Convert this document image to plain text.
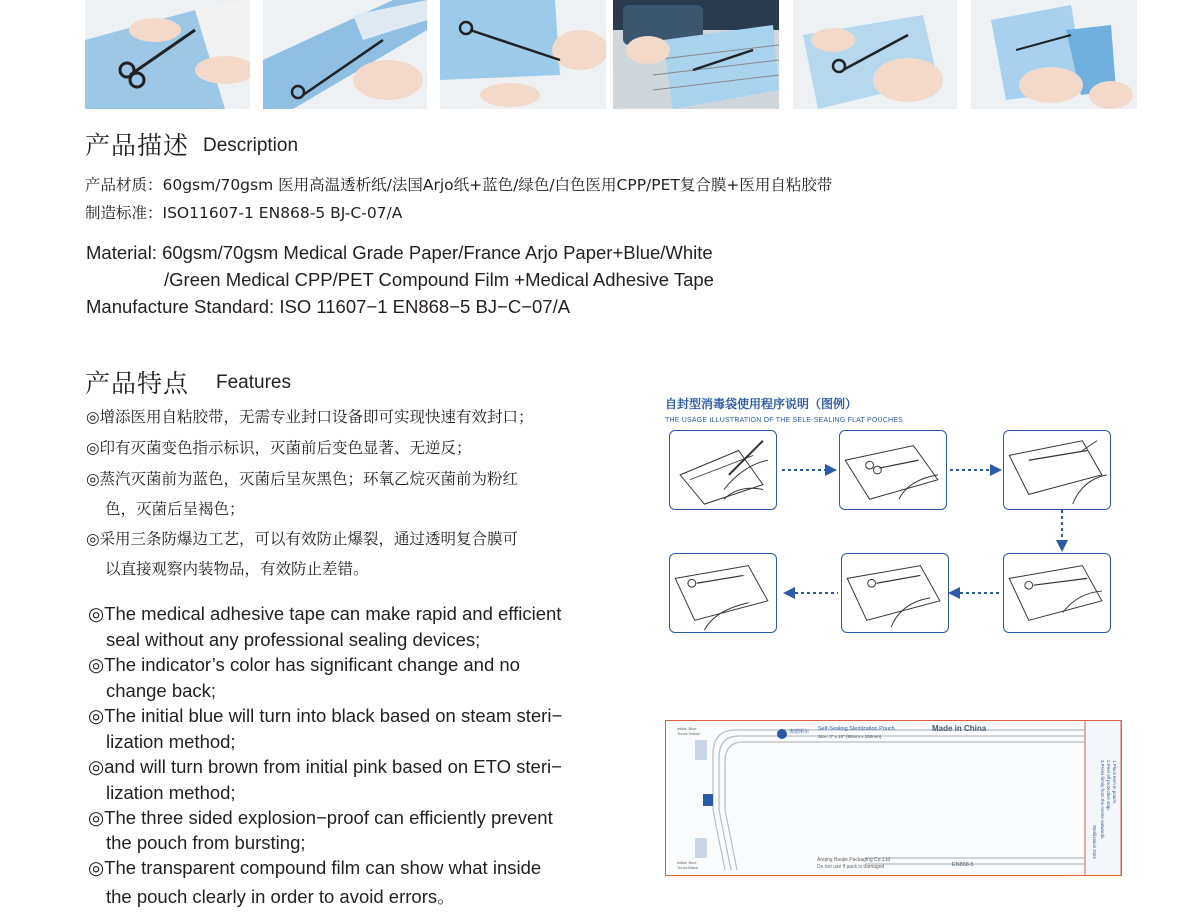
产品描述 Description
产品材质：60gsm/70gsm 医用高温透析纸/法国Arjo纸+蓝色/绿色/白色医用CPP/PET复合膜+医用自粘胶带
制造标准：ISO11607-1 EN868-5 BJ-C-07/A
Material: 60gsm/70gsm Medical Grade Paper/France Arjo Paper+Blue/White
/Green Medical CPP/PET Compound Film +Medical Adhesive Tape
Manufacture Standard: ISO 11607−1 EN868−5 BJ−C−07/A
产品特点 Features
◎增添医用自粘胶带，无需专业封口设备即可实现快速有效封口；
◎印有灭菌变色指示标识，灭菌前后变色显著、无逆反；
◎蒸汽灭菌前为蓝色，灭菌后呈灰黑色；环氧乙烷灭菌前为粉红
色，灭菌后呈褐色；
◎采用三条防爆边工艺，可以有效防止爆裂，通过透明复合膜可
以直接观察内装物品，有效防止差错。
◎The medical adhesive tape can make rapid and efficient
seal without any professional sealing devices;
◎The indicator’s color has significant change and no
change back;
◎The initial blue will turn into black based on steam steri−
lization method;
◎and will turn brown from initial pink based on ETO steri−
lization method;
◎The three sided explosion−proof can efficiently prevent
the pouch from bursting;
◎The transparent compound film can show what inside
the pouch clearly in order to avoid errors。
自封型消毒袋使用程序说明（图例）
THE USAGE ILLUSTRATION OF THE SELE-SEALING FLAT POUCHES
奥德斯尔 Self-Sealing Sterilization Pouch
Size: 3" x 10" (90mm x 260mm)
Made in China
Initial: Blue
Turns:Yellow
Initial: Blue
Turns:Black
Anqing Baojie Packaging Co.,Ltd
Do not use if pack is damaged	EN868-5
1.Place item in pouch.
2.Peel off protective strip.
3.Press firmly from the centre outwards.
Sterilization Date
